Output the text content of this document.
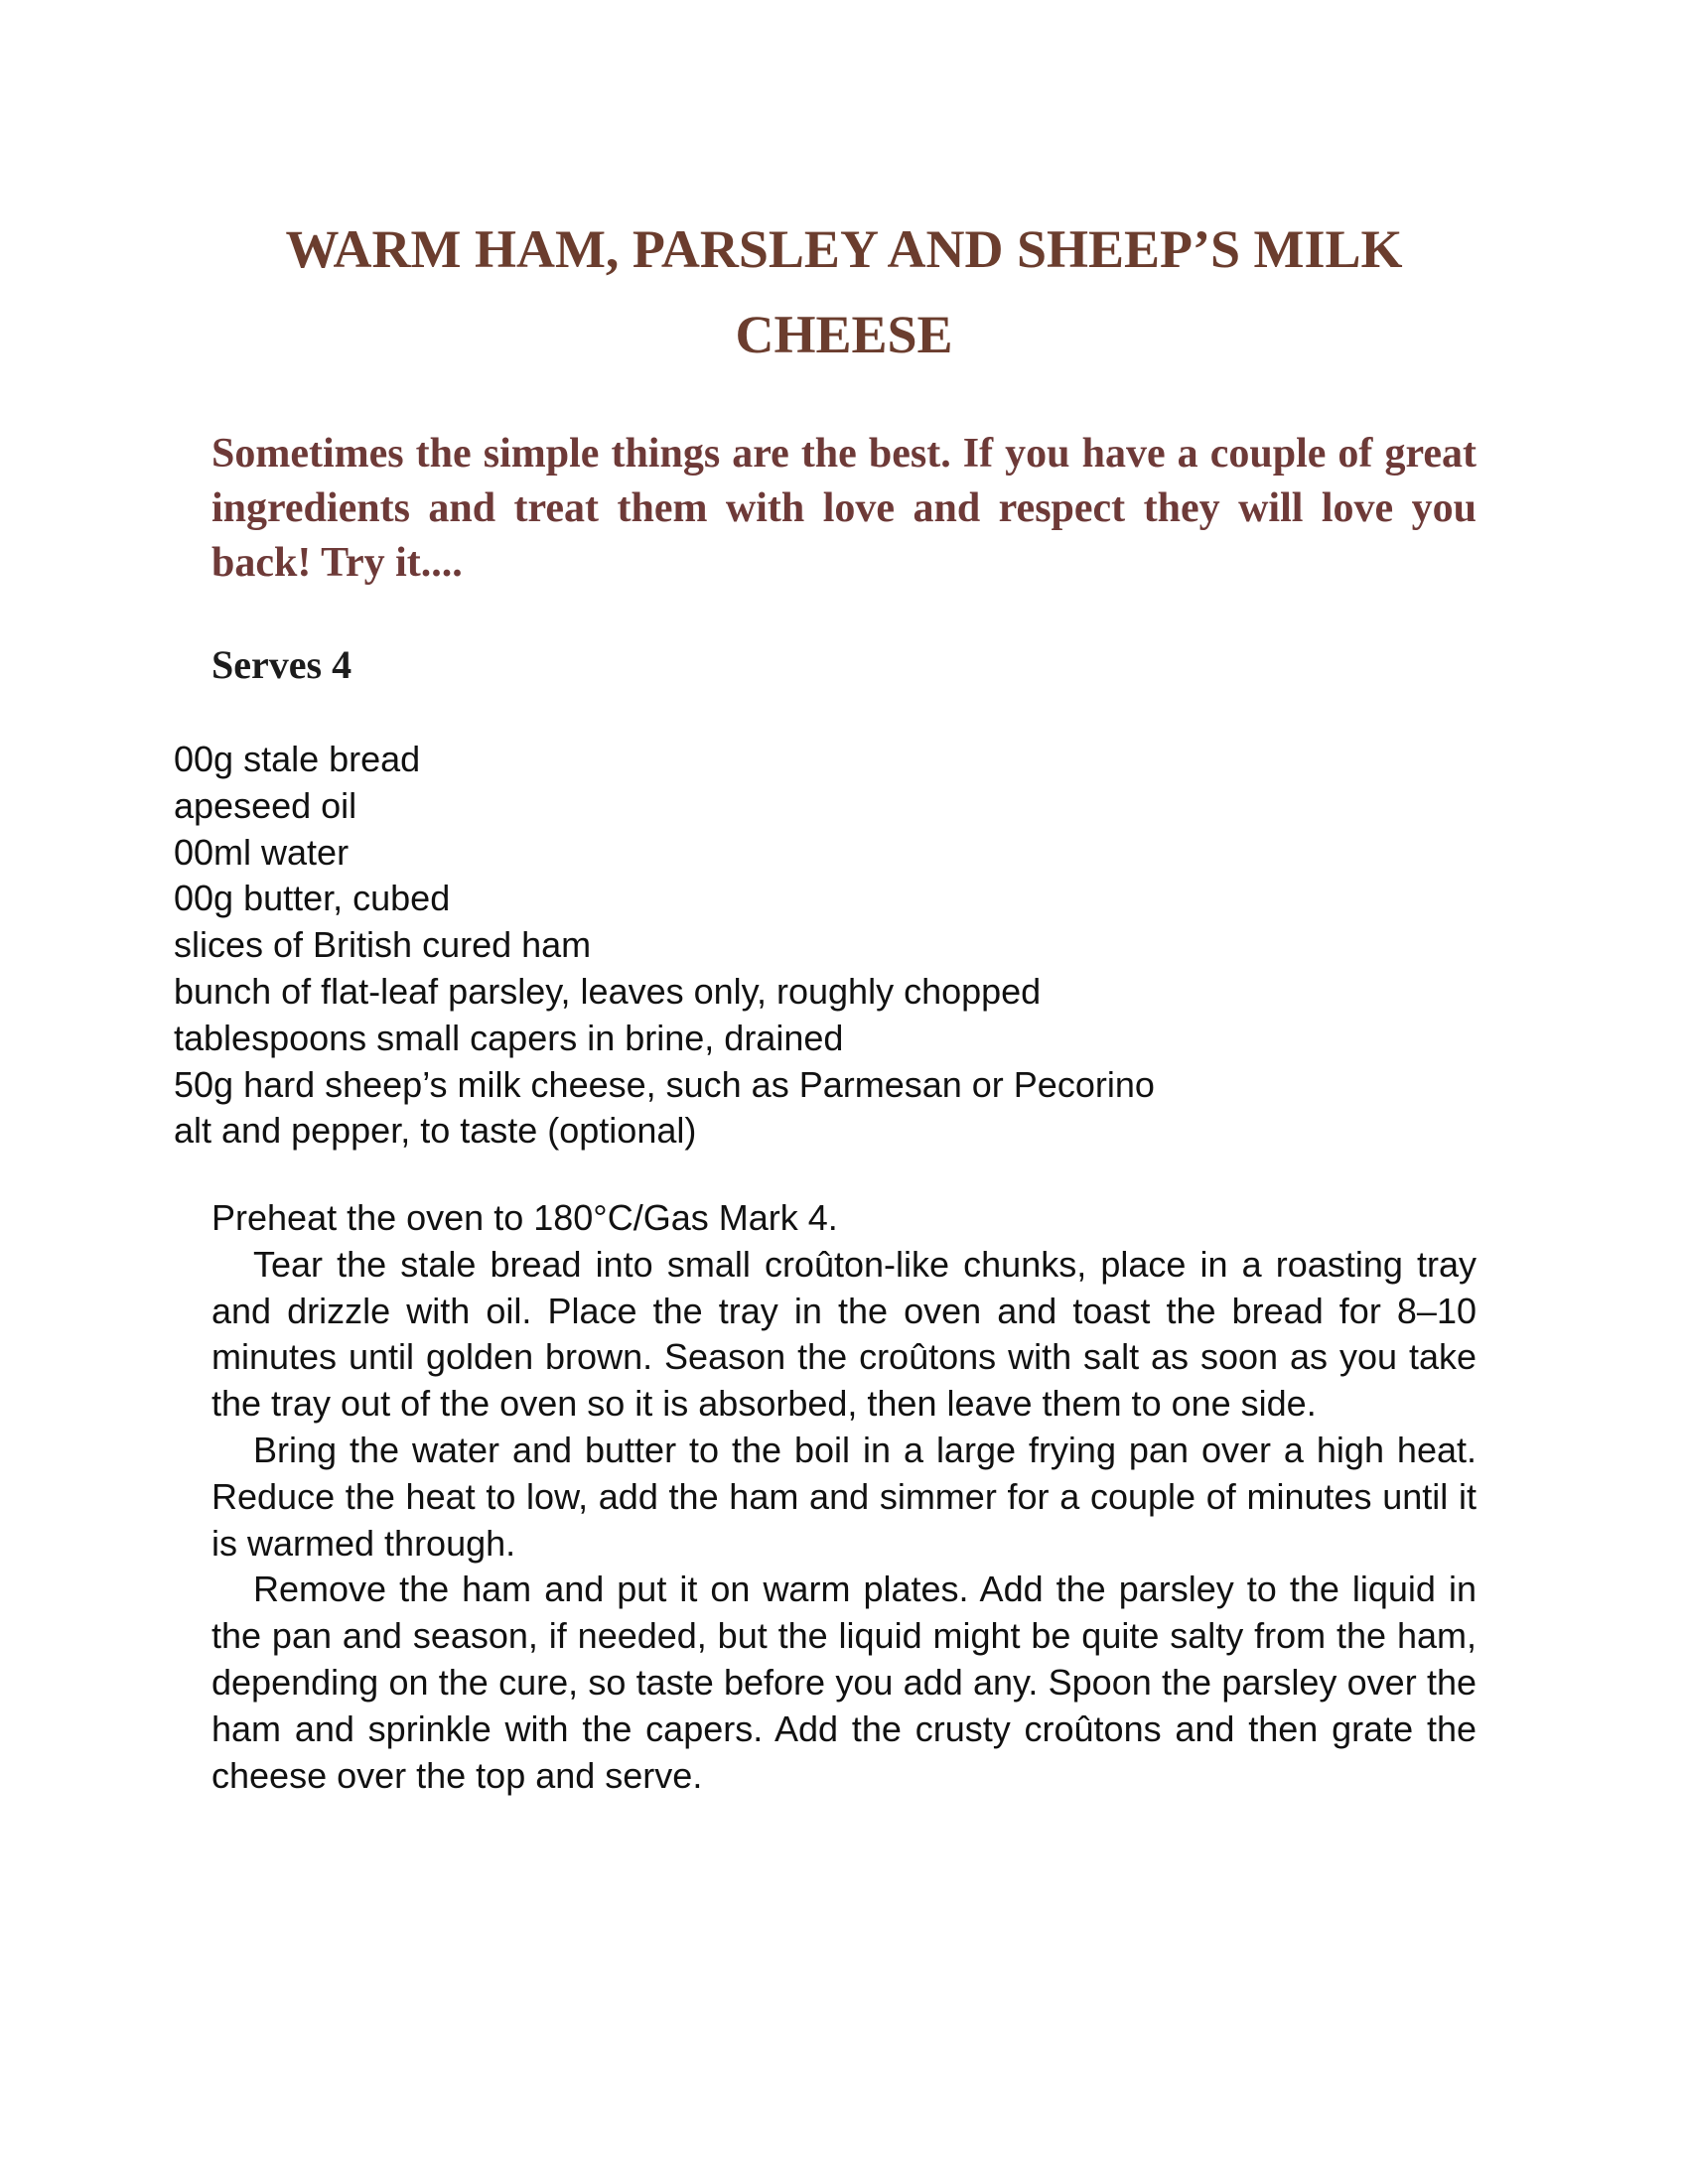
WARM HAM, PARSLEY AND SHEEP’S MILK CHEESE

Sometimes the simple things are the best. If you have a couple of great ingredients and treat them with love and respect they will love you back! Try it....

Serves 4

00g stale bread
apeseed oil
00ml water
00g butter, cubed
slices of British cured ham
bunch of flat-leaf parsley, leaves only, roughly chopped
tablespoons small capers in brine, drained
50g hard sheep’s milk cheese, such as Parmesan or Pecorino
alt and pepper, to taste (optional)

Preheat the oven to 180°C/Gas Mark 4.

Tear the stale bread into small croûton-like chunks, place in a roasting tray and drizzle with oil. Place the tray in the oven and toast the bread for 8–10 minutes until golden brown. Season the croûtons with salt as soon as you take the tray out of the oven so it is absorbed, then leave them to one side.

Bring the water and butter to the boil in a large frying pan over a high heat. Reduce the heat to low, add the ham and simmer for a couple of minutes until it is warmed through.

Remove the ham and put it on warm plates. Add the parsley to the liquid in the pan and season, if needed, but the liquid might be quite salty from the ham, depending on the cure, so taste before you add any. Spoon the parsley over the ham and sprinkle with the capers. Add the crusty croûtons and then grate the cheese over the top and serve.
